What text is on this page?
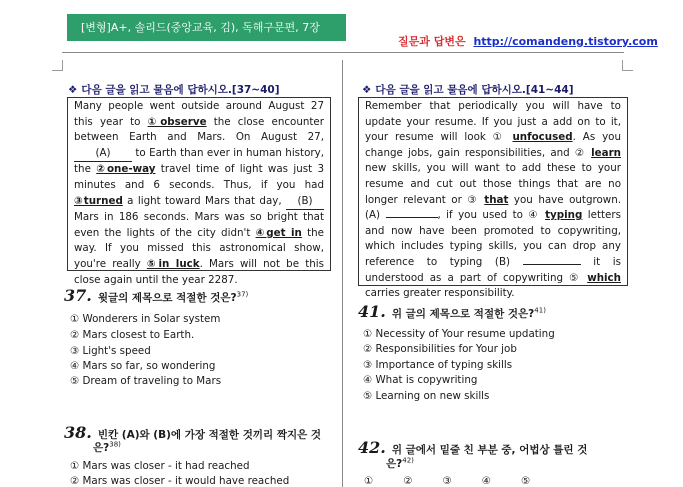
[변형]A+, 솔리드(중앙교육, 김), 독해구문편, 7장
질문과 답변은 http://comandeng.tistory.com
❖ 다음 글을 읽고 물음에 답하시오.[37~40]
Many people went outside around August 27 this year to ①observe the close encounter between Earth and Mars. On August 27, (A) to Earth than ever in human history, the ②one-way travel time of light was just 3 minutes and 6 seconds. Thus, if you had ③turned a light toward Mars that day, (B) Mars in 186 seconds. Mars was so bright that even the lights of the city didn't ④get in the way. If you missed this astronomical show, you're really ⑤in luck. Mars will not be this close again until the year 2287.
37. 윗글의 제목으로 적절한 것은?$^{37)}$
① Wonderers in Solar system
② Mars closest to Earth.
③ Light's speed
④ Mars so far, so wondering
⑤ Dream of traveling to Mars
38. 빈칸 (A)와 (B)에 가장 적절한 것끼리 짝지은 것
은?$^{38)}$
① Mars was closer - it had reached
② Mars was closer - it would have reached
❖ 다음 글을 읽고 물음에 답하시오.[41~44]
Remember that periodically you will have to update your resume. If you just a add on to it, your resume will look ① unfocused. As you change jobs, gain responsibilities, and ② learn new skills, you will want to add these to your resume and cut out those things that are no longer relevant or ③ that you have outgrown. (A)	, if you used to ④ typing letters and now have been promoted to copywriting, which includes typing skills, you can drop any reference to typing (B)	it is understood as a part of copywriting ⑤ which carries greater responsibility.
41. 위 글의 제목으로 적절한 것은?$^{41)}$
① Necessity of Your resume updating
② Responsibilities for Your job
③ Importance of typing skills
④ What is copywriting
⑤ Learning on new skills
42. 위 글에서 밑줄 친 부분 중, 어법상 틀린 것
은?$^{42)}$
①	②	③	④	⑤
